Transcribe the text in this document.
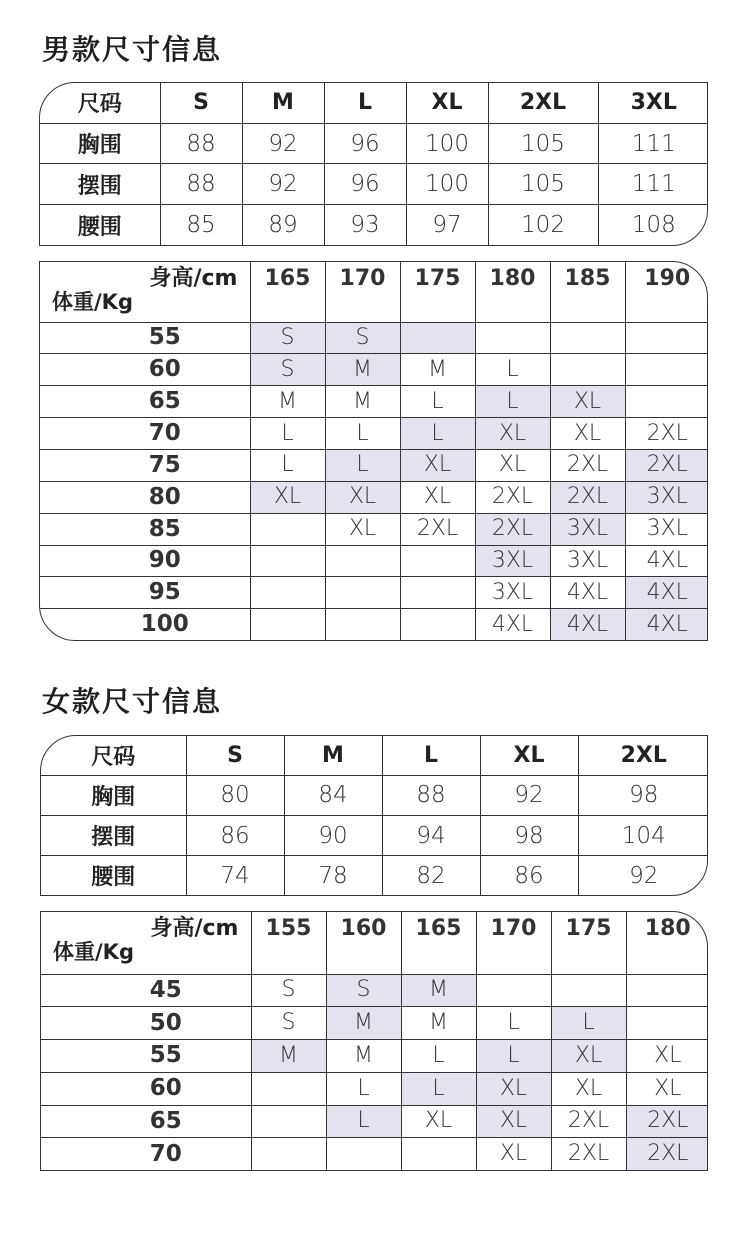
男款尺寸信息
尺码	S	M	L	XL	2XL	3XL
胸围	88	92	96	100	105	111
摆围	88	92	96	100	105	111
腰围	85	89	93	97	102	108
身高/cm
体重/Kg	165	170	175	180	185	190
55	S	S				
60	S	M	M	L		
65	M	M	L	L	XL	
70	L	L	L	XL	XL	2XL
75	L	L	XL	XL	2XL	2XL
80	XL	XL	XL	2XL	2XL	3XL
85		XL	2XL	2XL	3XL	3XL
90				3XL	3XL	4XL
95				3XL	4XL	4XL
100				4XL	4XL	4XL
女款尺寸信息
尺码	S	M	L	XL	2XL
胸围	80	84	88	92	98
摆围	86	90	94	98	104
腰围	74	78	82	86	92
身高/cm
体重/Kg	155	160	165	170	175	180
45	S	S	M			
50	S	M	M	L	L	
55	M	M	L	L	XL	XL
60		L	L	XL	XL	XL
65		L	XL	XL	2XL	2XL
70				XL	2XL	2XL
